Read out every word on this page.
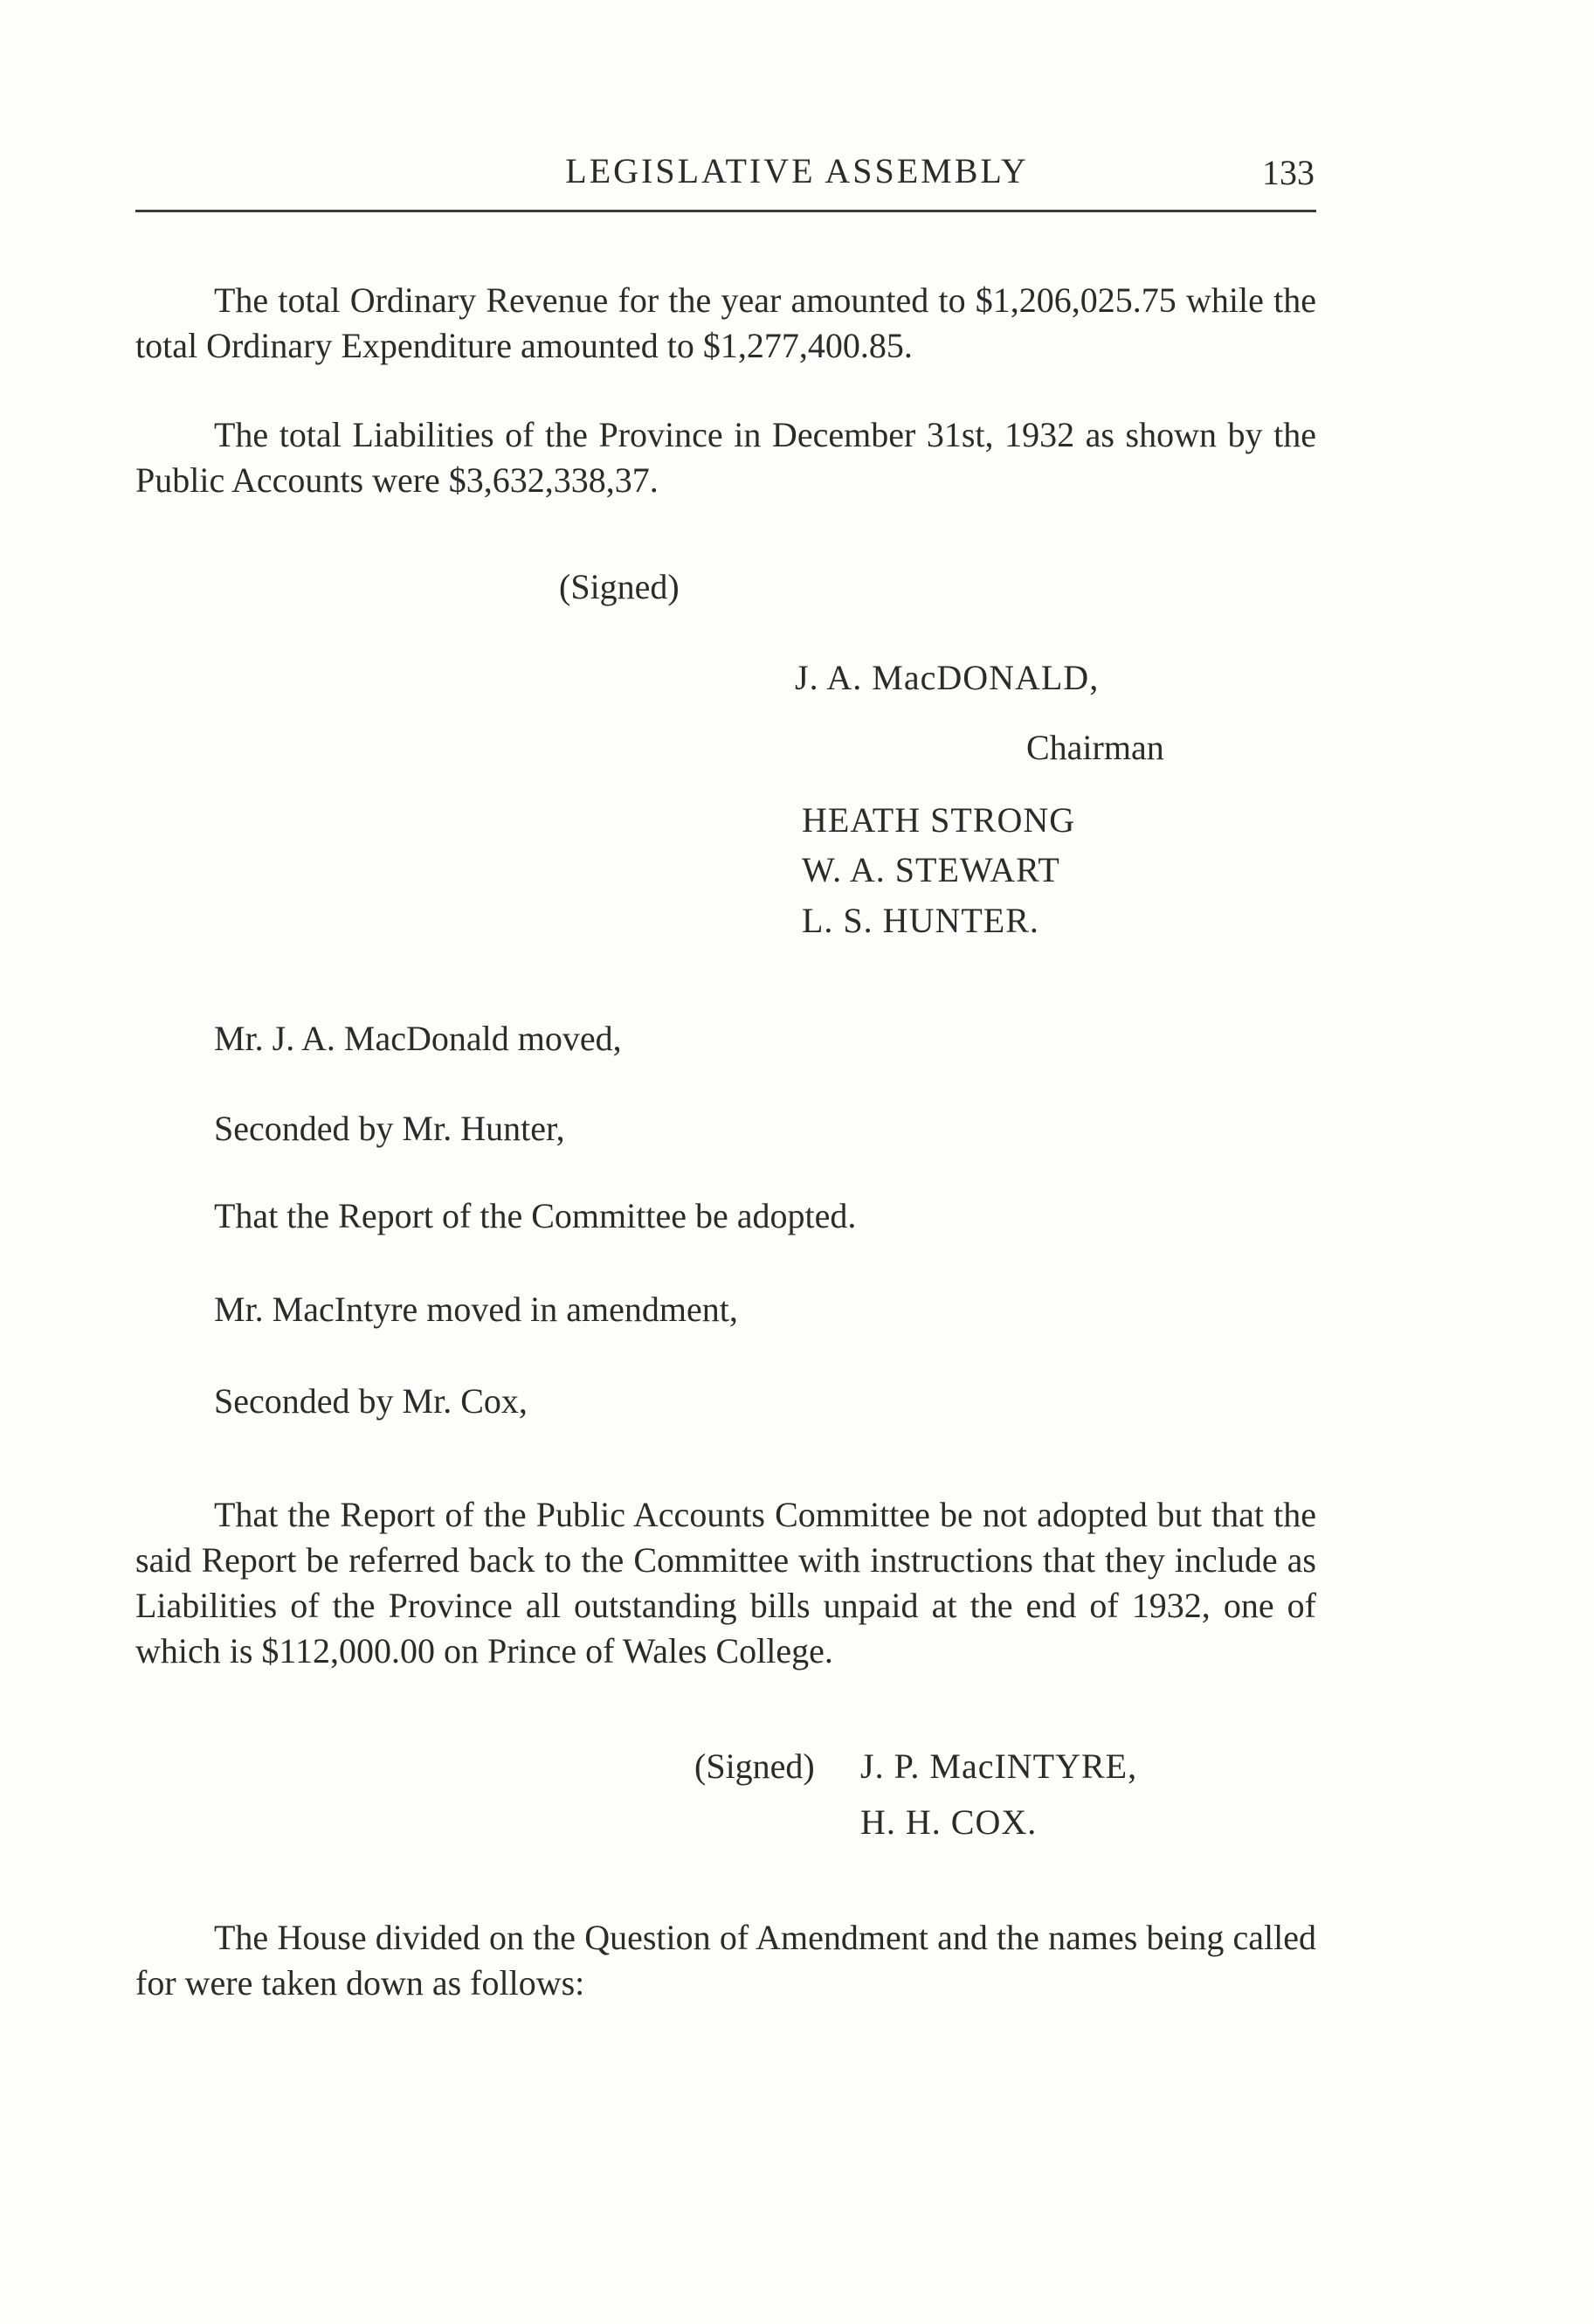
LEGISLATIVE ASSEMBLY	133
The total Ordinary Revenue for the year amounted to $1,206,025.75 while the total Ordinary Expenditure amounted to $1,277,400.85.
The total Liabilities of the Province in December 31st, 1932 as shown by the Public Accounts were $3,632,338,37.
(Signed)
J. A. MacDONALD,
Chairman
HEATH STRONG
W. A. STEWART
L. S. HUNTER.
Mr. J. A. MacDonald moved,
Seconded by Mr. Hunter,
That the Report of the Committee be adopted.
Mr. MacIntyre moved in amendment,
Seconded by Mr. Cox,
That the Report of the Public Accounts Committee be not adopted but that the said Report be referred back to the Committee with instructions that they include as Liabilities of the Province all outstanding bills unpaid at the end of 1932, one of which is $112,000.00 on Prince of Wales College.
(Signed) J. P. MacINTYRE,
H. H. COX.
The House divided on the Question of Amendment and the names being called for were taken down as follows:
